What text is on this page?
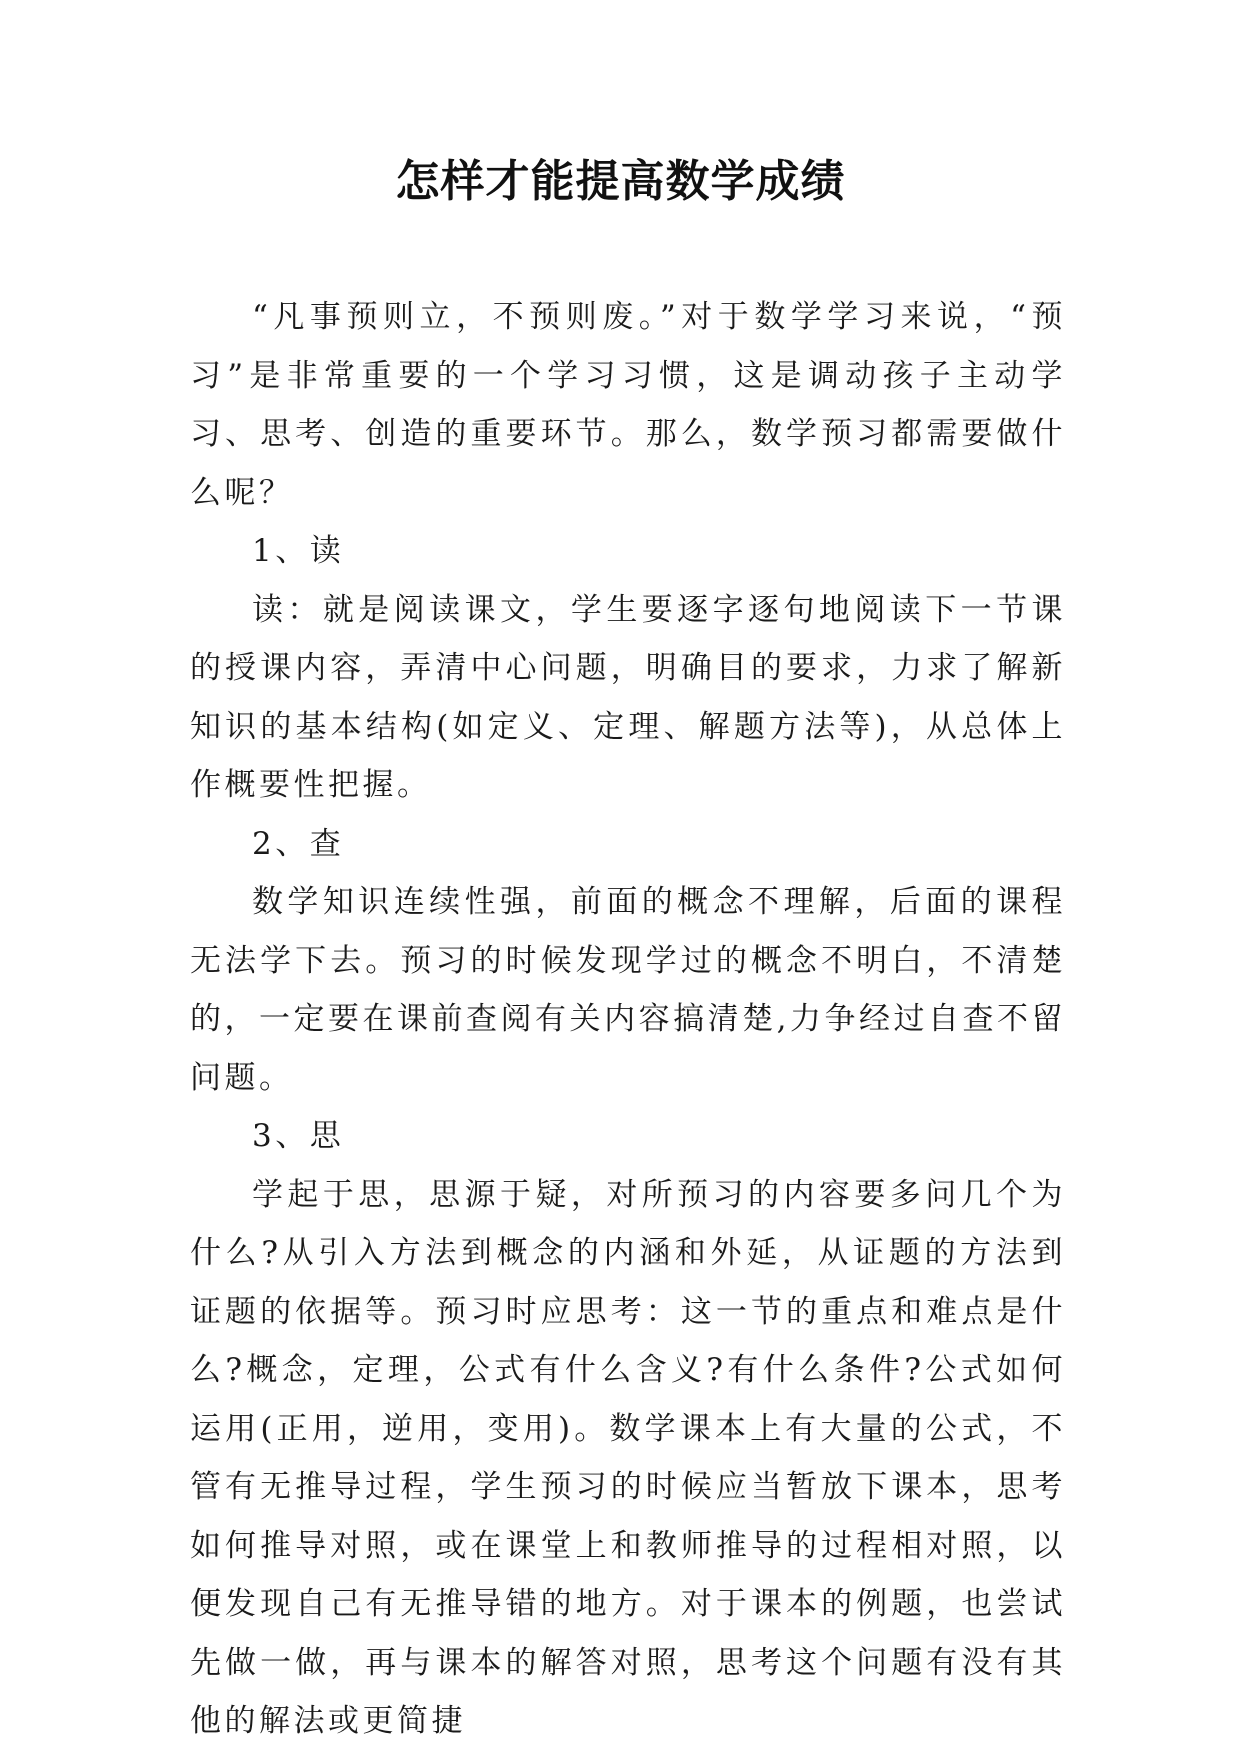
怎样才能提高数学成绩

“凡事预则立，不预则废。”对于数学学习来说，“预习”是非常重要的一个学习习惯，这是调动孩子主动学习、思考、创造的重要环节。那么，数学预习都需要做什么呢？

1、读

读：就是阅读课文，学生要逐字逐句地阅读下一节课的授课内容，弄清中心问题，明确目的要求，力求了解新知识的基本结构(如定义、定理、解题方法等)，从总体上作概要性把握。

2、查

数学知识连续性强，前面的概念不理解，后面的课程无法学下去。预习的时候发现学过的概念不明白，不清楚的，一定要在课前查阅有关内容搞清楚,力争经过自查不留问题。

3、思

学起于思，思源于疑，对所预习的内容要多问几个为什么?从引入方法到概念的内涵和外延，从证题的方法到证题的依据等。预习时应思考：这一节的重点和难点是什么?概念，定理，公式有什么含义?有什么条件?公式如何运用(正用，逆用，变用)。数学课本上有大量的公式，不管有无推导过程，学生预习的时候应当暂放下课本，思考如何推导对照，或在课堂上和教师推导的过程相对照，以便发现自己有无推导错的地方。对于课本的例题，也尝试先做一做，再与课本的解答对照，思考这个问题有没有其他的解法或更简捷
